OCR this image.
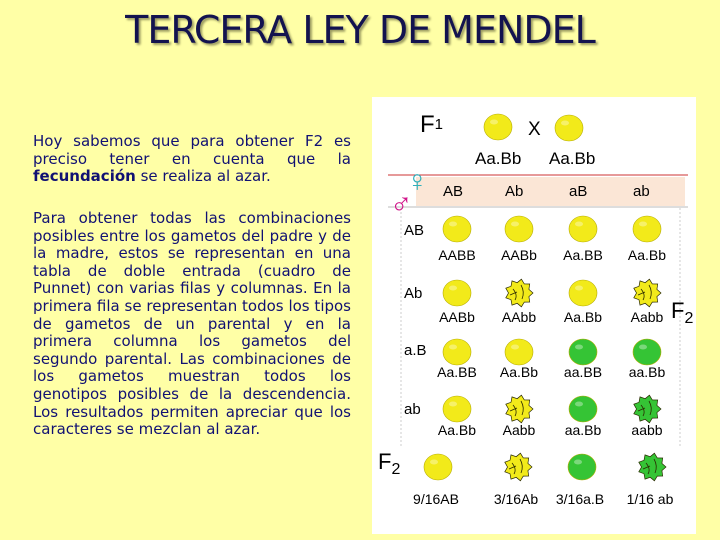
TERCERA LEY DE MENDEL
Hoy sabemos que para obtener F2 es preciso tener en cuenta que la fecundación se realiza al azar.
Para obtener todas las combinaciones posibles entre los gametos del padre y de la madre, estos se representan en una tabla de doble entrada (cuadro de Punnet) con varias filas y columnas. En la primera fila se representan todos los tipos de gametos de un parental y en la primera columna los gametos del segundo parental. Las combinaciones de los gametos muestran todos los genotipos posibles de la descendencia. Los resultados permiten apreciar que los caracteres se mezclan al azar.
F1	X
Aa.Bb Aa.Bb
♀
♂ AB	Ab	aB	ab
AB
AABB AABb Aa.BB Aa.Bb
Ab
AABb AAbb Aa.Bb Aabb
a.B
Aa.BB Aa.Bb aa.BB aa.Bb
ab
Aa.Bb Aabb aa.Bb aabb
$F_2$
$F_2$
9/16AB 3/16Ab 3/16a.B 1/16 ab
